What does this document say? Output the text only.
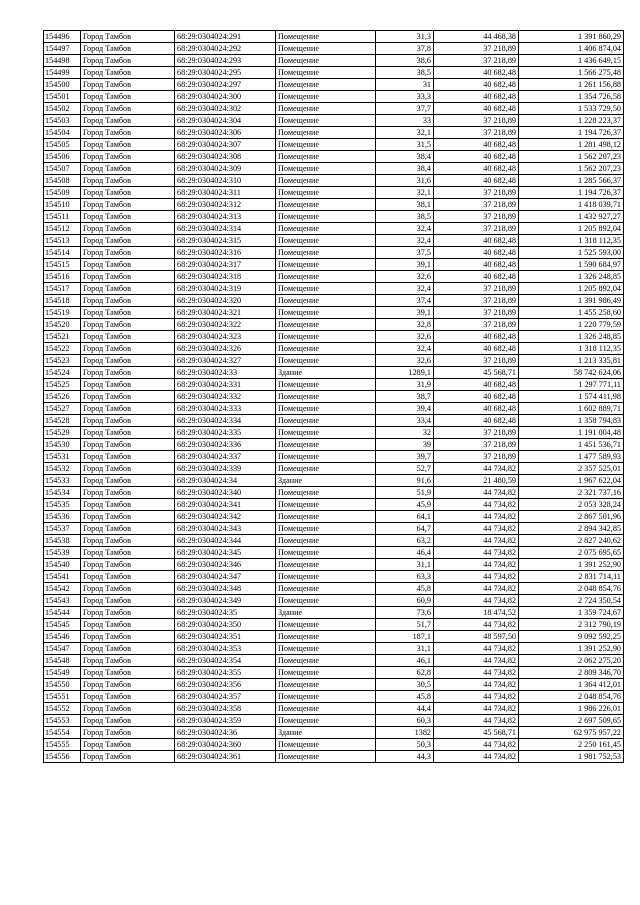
154496	Город Тамбов	68:29:0304024:291	Помещение	31,3	44 468,38	1 391 860,29
154497	Город Тамбов	68:29:0304024:292	Помещение	37,8	37 218,89	1 406 874,04
154498	Город Тамбов	68:29:0304024:293	Помещение	38,6	37 218,89	1 436 649,15
154499	Город Тамбов	68:29:0304024:295	Помещение	38,5	40 682,48	1 566 275,48
154500	Город Тамбов	68:29:0304024:297	Помещение	31	40 682,48	1 261 156,88
154501	Город Тамбов	68:29:0304024:300	Помещение	33,3	40 682,48	1 354 726,58
154502	Город Тамбов	68:29:0304024:302	Помещение	37,7	40 682,48	1 533 729,50
154503	Город Тамбов	68:29:0304024:304	Помещение	33	37 218,89	1 228 223,37
154504	Город Тамбов	68:29:0304024:306	Помещение	32,1	37 218,89	1 194 726,37
154505	Город Тамбов	68:29:0304024:307	Помещение	31,5	40 682,48	1 281 498,12
154506	Город Тамбов	68:29:0304024:308	Помещение	38,4	40 682,48	1 562 207,23
154507	Город Тамбов	68:29:0304024:309	Помещение	38,4	40 682,48	1 562 207,23
154508	Город Тамбов	68:29:0304024:310	Помещение	31,6	40 682,48	1 285 566,37
154509	Город Тамбов	68:29:0304024:311	Помещение	32,1	37 218,89	1 194 726,37
154510	Город Тамбов	68:29:0304024:312	Помещение	38,1	37 218,89	1 418 039,71
154511	Город Тамбов	68:29:0304024:313	Помещение	38,5	37 218,89	1 432 927,27
154512	Город Тамбов	68:29:0304024:314	Помещение	32,4	37 218,89	1 205 892,04
154513	Город Тамбов	68:29:0304024:315	Помещение	32,4	40 682,48	1 318 112,35
154514	Город Тамбов	68:29:0304024:316	Помещение	37,5	40 682,48	1 525 593,00
154515	Город Тамбов	68:29:0304024:317	Помещение	39,1	40 682,48	1 590 684,97
154516	Город Тамбов	68:29:0304024:318	Помещение	32,6	40 682,48	1 326 248,85
154517	Город Тамбов	68:29:0304024:319	Помещение	32,4	37 218,89	1 205 892,04
154518	Город Тамбов	68:29:0304024:320	Помещение	37,4	37 218,89	1 391 986,49
154519	Город Тамбов	68:29:0304024:321	Помещение	39,1	37 218,89	1 455 258,60
154520	Город Тамбов	68:29:0304024:322	Помещение	32,8	37 218,89	1 220 779,59
154521	Город Тамбов	68:29:0304024:323	Помещение	32,6	40 682,48	1 326 248,85
154522	Город Тамбов	68:29:0304024:326	Помещение	32,4	40 682,48	1 318 112,35
154523	Город Тамбов	68:29:0304024:327	Помещение	32,6	37 218,89	1 213 335,81
154524	Город Тамбов	68:29:0304024:33	Здание	1289,1	45 568,71	58 742 624,06
154525	Город Тамбов	68:29:0304024:331	Помещение	31,9	40 682,48	1 297 771,11
154526	Город Тамбов	68:29:0304024:332	Помещение	38,7	40 682,48	1 574 411,98
154527	Город Тамбов	68:29:0304024:333	Помещение	39,4	40 682,48	1 602 889,71
154528	Город Тамбов	68:29:0304024:334	Помещение	33,4	40 682,48	1 358 794,83
154529	Город Тамбов	68:29:0304024:335	Помещение	32	37 218,89	1 191 004,48
154530	Город Тамбов	68:29:0304024:336	Помещение	39	37 218,89	1 451 536,71
154531	Город Тамбов	68:29:0304024:337	Помещение	39,7	37 218,89	1 477 589,93
154532	Город Тамбов	68:29:0304024:339	Помещение	52,7	44 734,82	2 357 525,01
154533	Город Тамбов	68:29:0304024:34	Здание	91,6	21 480,59	1 967 622,04
154534	Город Тамбов	68:29:0304024:340	Помещение	51,9	44 734,82	2 321 737,16
154535	Город Тамбов	68:29:0304024:341	Помещение	45,9	44 734,82	2 053 328,24
154536	Город Тамбов	68:29:0304024:342	Помещение	64,1	44 734,82	2 867 501,96
154537	Город Тамбов	68:29:0304024:343	Помещение	64,7	44 734,82	2 894 342,85
154538	Город Тамбов	68:29:0304024:344	Помещение	63,2	44 734,82	2 827 240,62
154539	Город Тамбов	68:29:0304024:345	Помещение	46,4	44 734,82	2 075 695,65
154540	Город Тамбов	68:29:0304024:346	Помещение	31,1	44 734,82	1 391 252,90
154541	Город Тамбов	68:29:0304024:347	Помещение	63,3	44 734,82	2 831 714,11
154542	Город Тамбов	68:29:0304024:348	Помещение	45,8	44 734,82	2 048 854,76
154543	Город Тамбов	68:29:0304024:349	Помещение	60,9	44 734,82	2 724 350,54
154544	Город Тамбов	68:29:0304024:35	Здание	73,6	18 474,52	1 359 724,67
154545	Город Тамбов	68:29:0304024:350	Помещение	51,7	44 734,82	2 312 790,19
154546	Город Тамбов	68:29:0304024:351	Помещение	187,1	48 597,50	9 092 592,25
154547	Город Тамбов	68:29:0304024:353	Помещение	31,1	44 734,82	1 391 252,90
154548	Город Тамбов	68:29:0304024:354	Помещение	46,1	44 734,82	2 062 275,20
154549	Город Тамбов	68:29:0304024:355	Помещение	62,8	44 734,82	2 809 346,70
154550	Город Тамбов	68:29:0304024:356	Помещение	30,5	44 734,82	1 364 412,01
154551	Город Тамбов	68:29:0304024:357	Помещение	45,8	44 734,82	2 048 854,76
154552	Город Тамбов	68:29:0304024:358	Помещение	44,4	44 734,82	1 986 226,01
154553	Город Тамбов	68:29:0304024:359	Помещение	60,3	44 734,82	2 697 509,65
154554	Город Тамбов	68:29:0304024:36	Здание	1382	45 568,71	62 975 957,22
154555	Город Тамбов	68:29:0304024:360	Помещение	50,3	44 734,82	2 250 161,45
154556	Город Тамбов	68:29:0304024:361	Помещение	44,3	44 734,82	1 981 752,53
